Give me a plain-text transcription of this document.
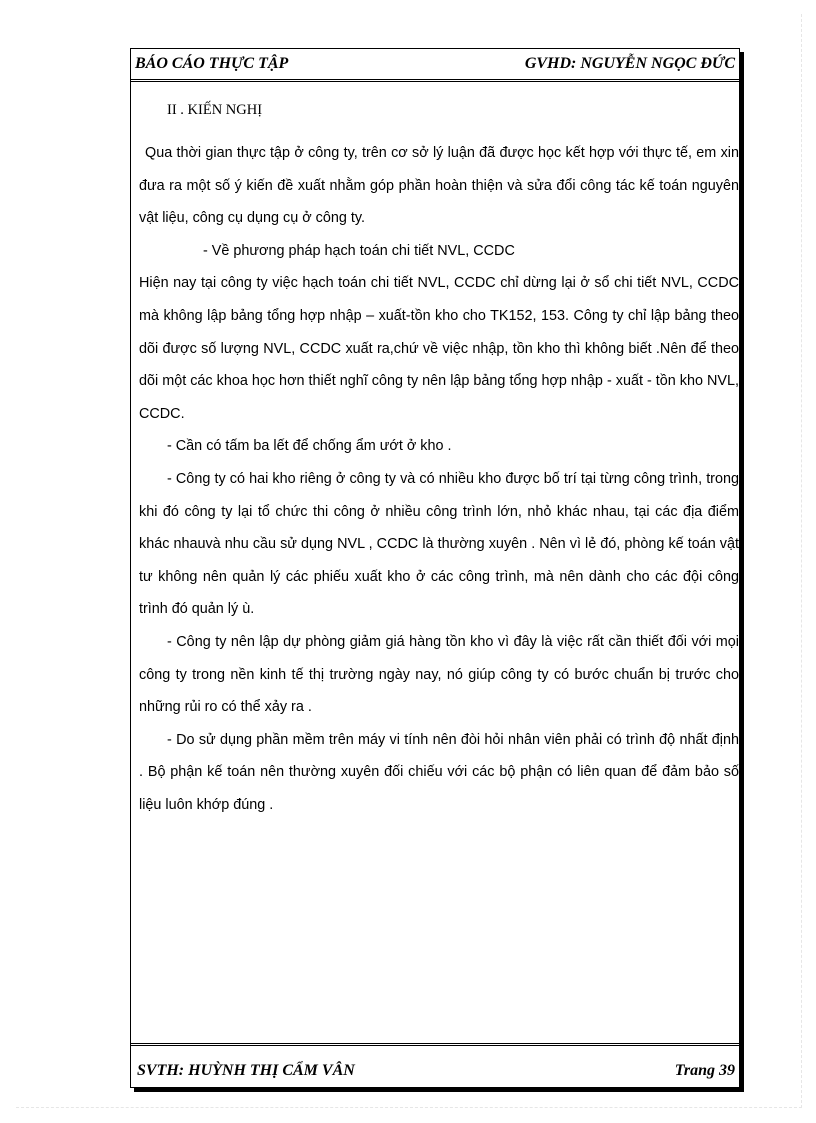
BÁO CÁO THỰC TẬP	GVHD: NGUYỄN NGỌC ĐỨC

II . KIẾN NGHỊ

Qua thời gian thực tập ở công ty, trên cơ sở lý luận đã được học kết hợp với thực tế, em xin đưa ra một số ý kiến đề xuất nhằm góp phần hoàn thiện và sửa đổi công tác kế toán nguyên vật liệu, công cụ dụng cụ ở công ty.

- Về phương pháp hạch toán chi tiết NVL, CCDC

Hiện nay tại công ty việc hạch toán chi tiết NVL, CCDC chỉ dừng lại ở sổ chi tiết NVL, CCDC mà không lập bảng tổng hợp nhập – xuất-tồn kho cho TK152, 153. Công ty chỉ lập bảng theo dõi được số lượng NVL, CCDC xuất ra,chứ về việc nhập, tồn kho thì không biết .Nên để theo dõi một các khoa học hơn thiết nghĩ công ty nên lập bảng tổng hợp nhập - xuất - tồn kho NVL, CCDC.

- Cần có tấm ba lết để chống ẩm ướt ở kho .

- Công ty có hai kho riêng ở công ty và có nhiều kho được bố trí tại từng công trình, trong khi đó công ty lại tổ chức thi công ở nhiều công trình lớn, nhỏ khác nhau, tại các địa điểm khác nhauvà nhu cầu sử dụng NVL , CCDC là thường xuyên . Nên vì lẻ đó, phòng kế toán vật tư không nên quản lý các phiếu xuất kho ở các công trình, mà nên dành cho các đội công trình đó quản lý ù.

- Công ty nên lập dự phòng giảm giá hàng tồn kho vì đây là việc rất cần thiết đối với mọi công ty trong nền kinh tế thị trường ngày nay, nó giúp công ty có bước chuẩn bị trước cho những rủi ro có thể xảy ra .

- Do sử dụng phần mềm trên máy vi tính nên đòi hỏi nhân viên phải có trình độ nhất định . Bộ phận kế toán nên thường xuyên đối chiếu với các bộ phận có liên quan để đảm bảo số liệu luôn khớp đúng .

SVTH: HUỲNH THỊ CẨM VÂN	Trang 39
